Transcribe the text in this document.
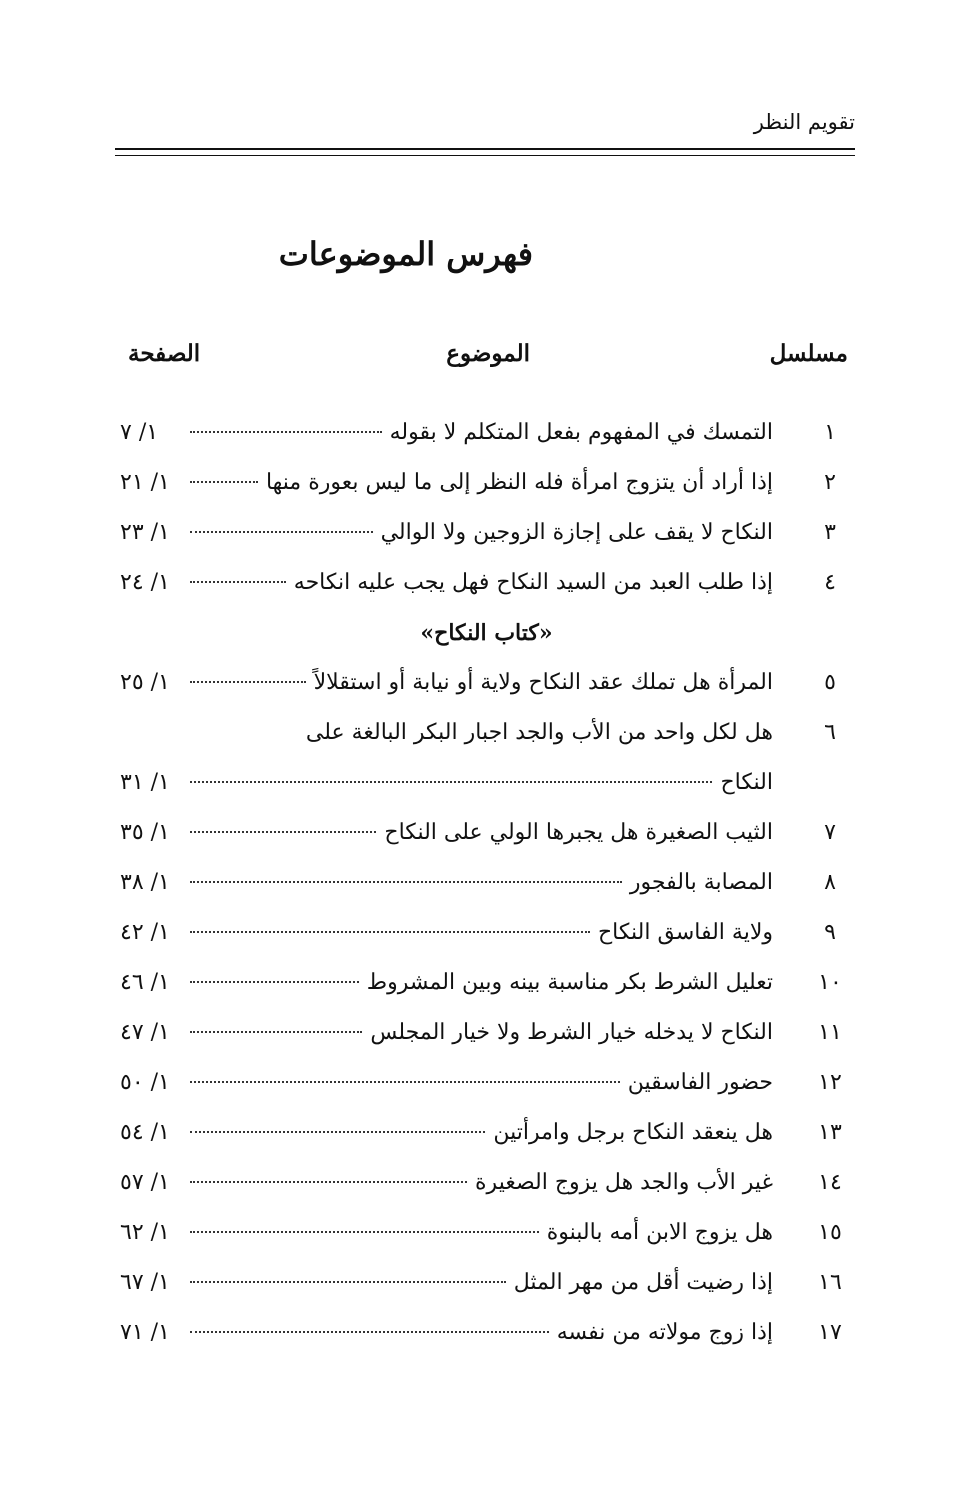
تقويم النظر
فهرس الموضوعات
مسلسل
الموضوع
الصفحة
١
التمسك في المفهوم بفعل المتكلم لا بقوله
١/ ٧
٢
إذا أراد أن يتزوج امرأة فله النظر إلى ما ليس بعورة منها
١/ ٢١
٣
النكاح لا يقف على إجازة الزوجين ولا الوالي
١/ ٢٣
٤
إذا طلب العبد من السيد النكاح فهل يجب عليه انكاحه
١/ ٢٤
«كتاب النكاح»
٥
المرأة هل تملك عقد النكاح ولاية أو نيابة أو استقلالاً
١/ ٢٥
٦
هل لكل واحد من الأب والجد اجبار البكر البالغة على
النكاح
١/ ٣١
٧
الثيب الصغيرة هل يجبرها الولي على النكاح
١/ ٣٥
٨
المصابة بالفجور
١/ ٣٨
٩
ولاية الفاسق النكاح
١/ ٤٢
١٠
تعليل الشرط بكر مناسبة بينه وبين المشروط
١/ ٤٦
١١
النكاح لا يدخله خيار الشرط ولا خيار المجلس
١/ ٤٧
١٢
حضور الفاسقين
١/ ٥٠
١٣
هل ينعقد النكاح برجل وامرأتين
١/ ٥٤
١٤
غير الأب والجد هل يزوج الصغيرة
١/ ٥٧
١٥
هل يزوج الابن أمه بالبنوة
١/ ٦٢
١٦
إذا رضيت أقل من مهر المثل
١/ ٦٧
١٧
إذا زوج مولاته من نفسه
١/ ٧١
